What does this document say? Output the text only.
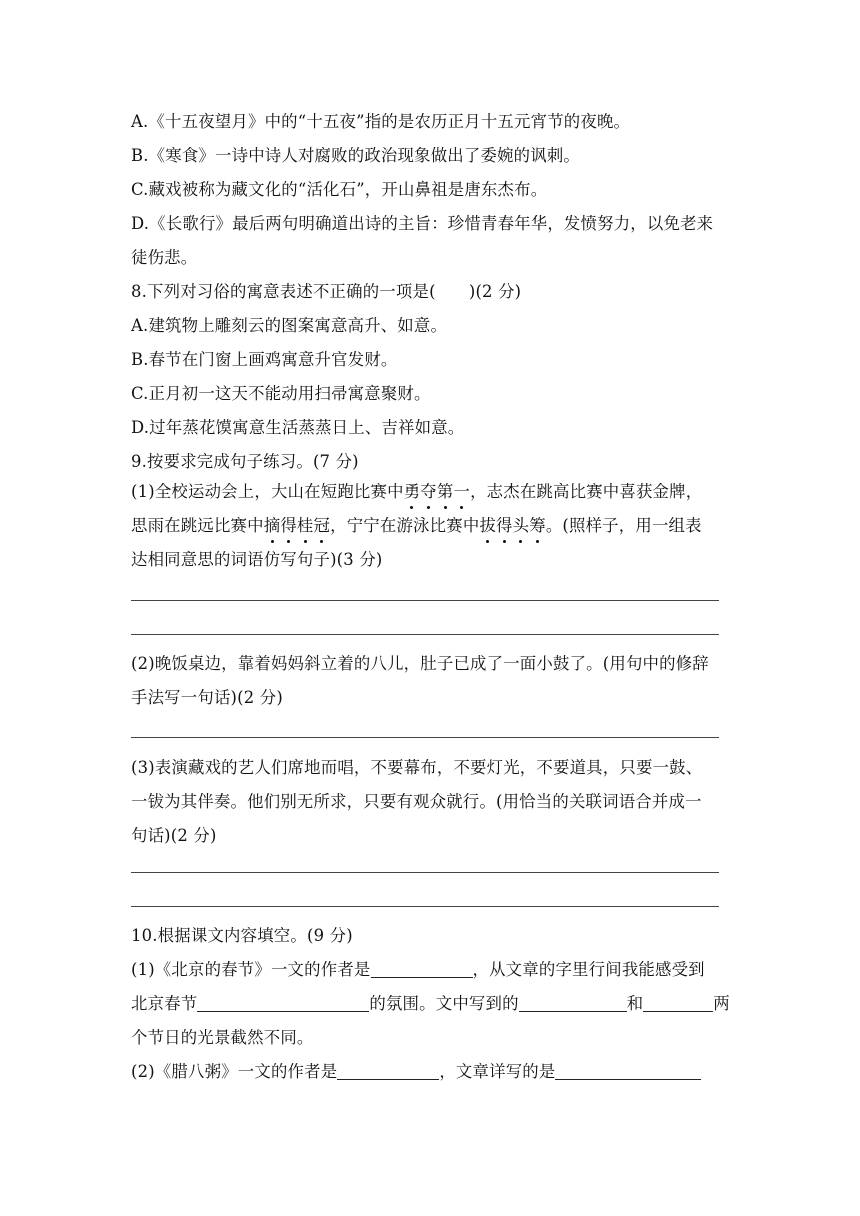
A.《十五夜望月》中的“十五夜”指的是农历正月十五元宵节的夜晚。
B.《寒食》一诗中诗人对腐败的政治现象做出了委婉的讽刺。
C.藏戏被称为藏文化的“活化石”，开山鼻祖是唐东杰布。
D.《长歌行》最后两句明确道出诗的主旨：珍惜青春年华，发愤努力，以免老来
徒伤悲。
8.下列对习俗的寓意表述不正确的一项是(　　)(2 分)
A.建筑物上雕刻云的图案寓意高升、如意。
B.春节在门窗上画鸡寓意升官发财。
C.正月初一这天不能动用扫帚寓意聚财。
D.过年蒸花馍寓意生活蒸蒸日上、吉祥如意。
9.按要求完成句子练习。(7 分)
(1)全校运动会上，大山在短跑比赛中勇夺第一，志杰在跳高比赛中喜获金牌，
思雨在跳远比赛中摘得桂冠，宁宁在游泳比赛中拔得头筹。(照样子，用一组表
达相同意思的词语仿写句子)(3 分)
(2)晚饭桌边，靠着妈妈斜立着的八儿，肚子已成了一面小鼓了。(用句中的修辞
手法写一句话)(2 分)
(3)表演藏戏的艺人们席地而唱，不要幕布，不要灯光，不要道具，只要一鼓、
一钹为其伴奏。他们别无所求，只要有观众就行。(用恰当的关联词语合并成一
句话)(2 分)
10.根据课文内容填空。(9 分)
(1)《北京的春节》一文的作者是	，从文章的字里行间我能感受到
北京春节	的氛围。文中写到的	和	两
个节日的光景截然不同。
(2)《腊八粥》一文的作者是	，文章详写的是
